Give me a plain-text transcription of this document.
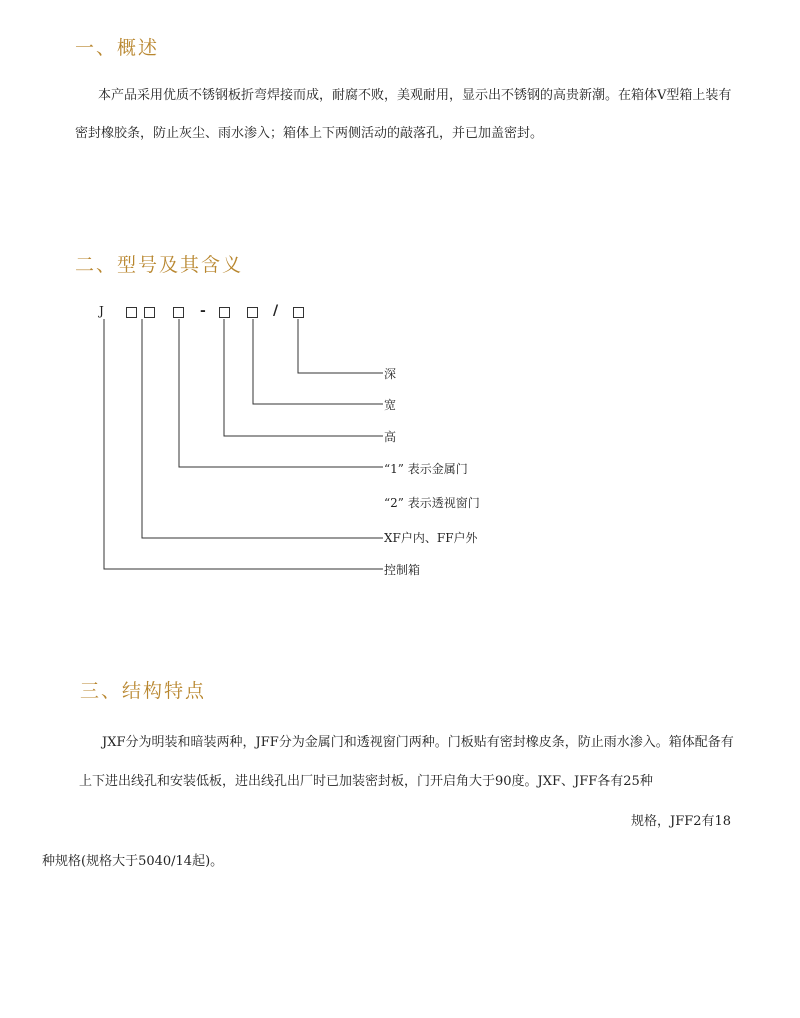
一、概述
本产品采用优质不锈钢板折弯焊接而成，耐腐不败，美观耐用，显示出不锈钢的高贵新潮。在箱体V型箱上装有
密封橡胶条，防止灰尘、雨水渗入；箱体上下两侧活动的敲落孔，并已加盖密封。
二、型号及其含义
J	-	/
深
宽
高
“1” 表示金属门
“2” 表示透视窗门
XF户内、FF户外
控制箱
三、结构特点
JXF分为明装和暗装两种，JFF分为金属门和透视窗门两种。门板贴有密封橡皮条，防止雨水渗入。箱体配备有
上下进出线孔和安装低板，进出线孔出厂时已加装密封板，门开启角大于90度。JXF、JFF各有25种
规格，JFF2有18
种规格(规格大于5040/14起)。
